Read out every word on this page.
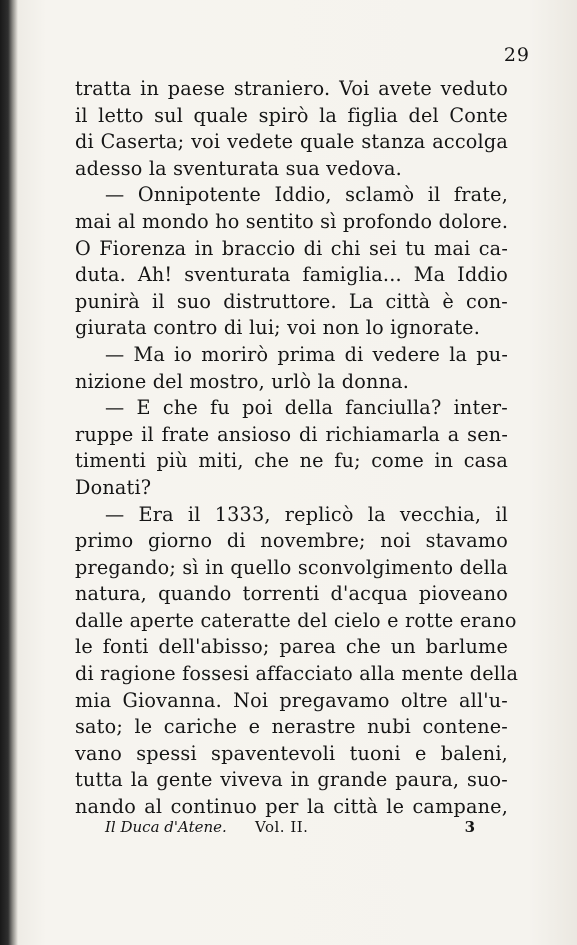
29
tratta in paese straniero. Voi avete veduto
il letto sul quale spirò la figlia del Conte
di Caserta; voi vedete quale stanza accolga
adesso la sventurata sua vedova.
— Onnipotente Iddio, sclamò il frate,
mai al mondo ho sentito sì profondo dolore.
O Fiorenza in braccio di chi sei tu mai ca-
duta. Ah! sventurata famiglia... Ma Iddio
punirà il suo distruttore. La città è con-
giurata contro di lui; voi non lo ignorate.
— Ma io morirò prima di vedere la pu-
nizione del mostro, urlò la donna.
— E che fu poi della fanciulla? inter-
ruppe il frate ansioso di richiamarla a sen-
timenti più miti, che ne fu; come in casa
Donati?
— Era il 1333, replicò la vecchia, il
primo giorno di novembre; noi stavamo
pregando; sì in quello sconvolgimento della
natura, quando torrenti d'acqua pioveano
dalle aperte cateratte del cielo e rotte erano
le fonti dell'abisso; parea che un barlume
di ragione fossesi affacciato alla mente della
mia Giovanna. Noi pregavamo oltre all'u-
sato; le cariche e nerastre nubi contene-
vano spessi spaventevoli tuoni e baleni,
tutta la gente viveva in grande paura, suo-
nando al continuo per la città le campane,
Il Duca d'Atene. Vol. II.	3
